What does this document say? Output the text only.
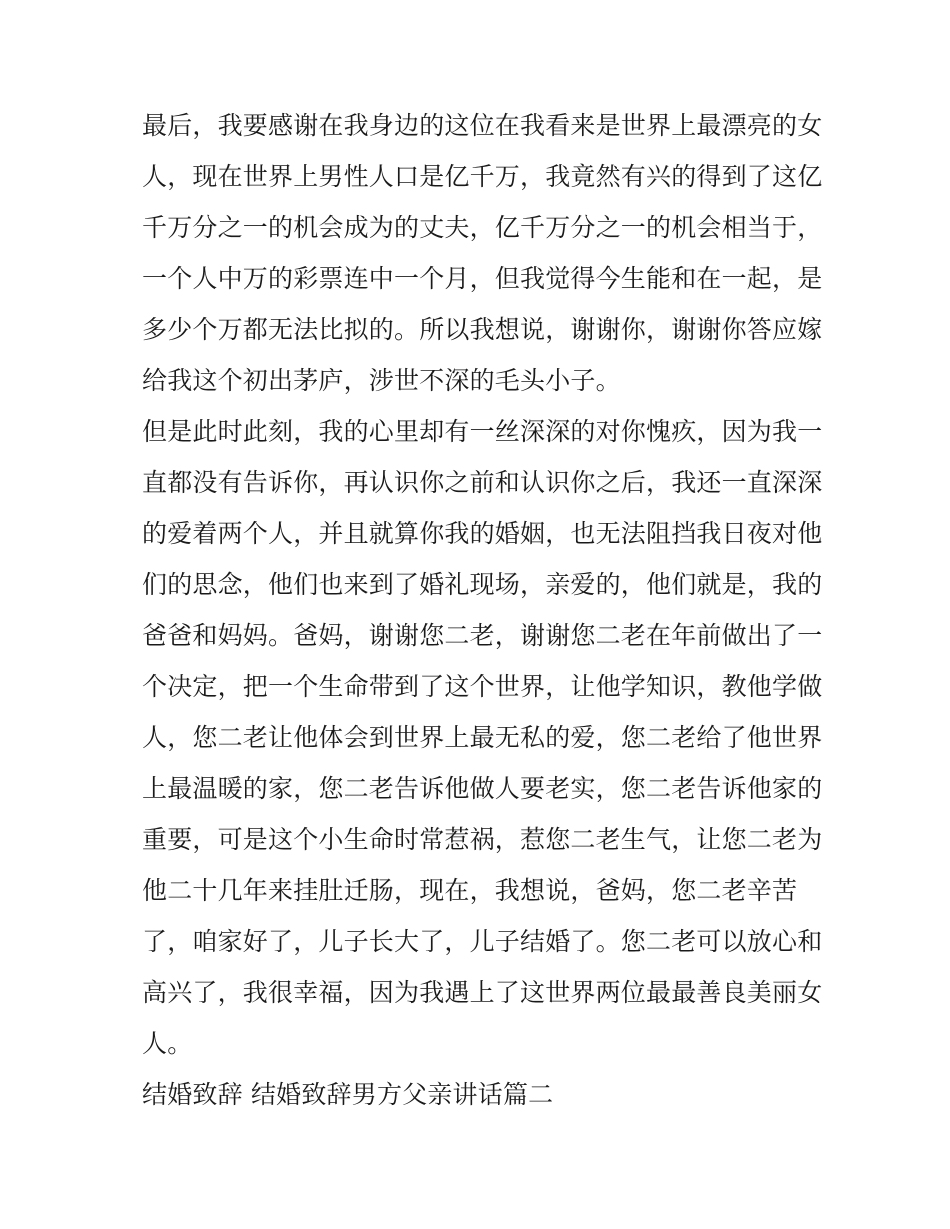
最后，我要感谢在我身边的这位在我看来是世界上最漂亮的女
人，现在世界上男性人口是亿千万，我竟然有兴的得到了这亿
千万分之一的机会成为的丈夫，亿千万分之一的机会相当于，
一个人中万的彩票连中一个月，但我觉得今生能和在一起，是
多少个万都无法比拟的。所以我想说，谢谢你，谢谢你答应嫁
给我这个初出茅庐，涉世不深的毛头小子。
但是此时此刻，我的心里却有一丝深深的对你愧疚，因为我一
直都没有告诉你，再认识你之前和认识你之后，我还一直深深
的爱着两个人，并且就算你我的婚姻，也无法阻挡我日夜对他
们的思念，他们也来到了婚礼现场，亲爱的，他们就是，我的
爸爸和妈妈。爸妈，谢谢您二老，谢谢您二老在年前做出了一
个决定，把一个生命带到了这个世界，让他学知识，教他学做
人，您二老让他体会到世界上最无私的爱，您二老给了他世界
上最温暖的家，您二老告诉他做人要老实，您二老告诉他家的
重要，可是这个小生命时常惹祸，惹您二老生气，让您二老为
他二十几年来挂肚迁肠，现在，我想说，爸妈，您二老辛苦
了，咱家好了，儿子长大了，儿子结婚了。您二老可以放心和
高兴了，我很幸福，因为我遇上了这世界两位最最善良美丽女
人。
结婚致辞 结婚致辞男方父亲讲话篇二
